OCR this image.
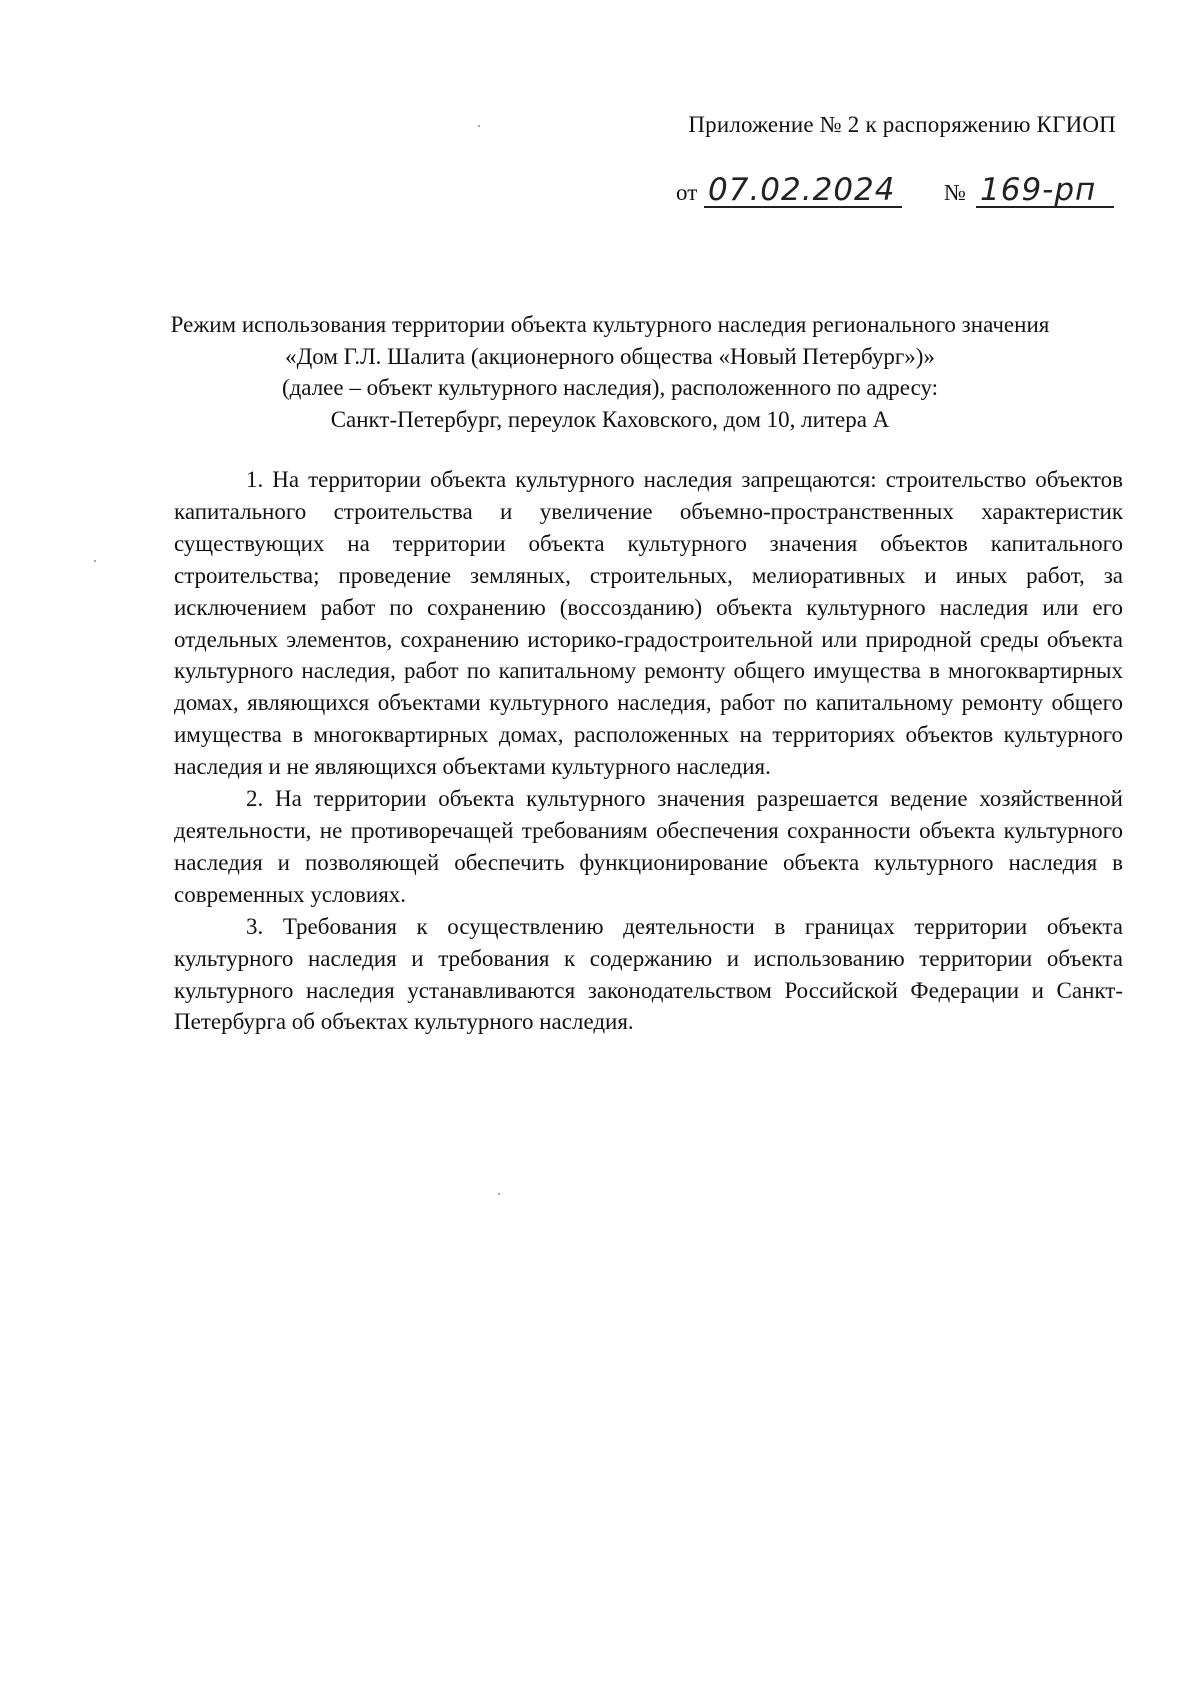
Приложение № 2 к распоряжению КГИОП
от 07.02.2024 № 169-рп
Режим использования территории объекта культурного наследия регионального значения
«Дом Г.Л. Шалита (акционерного общества «Новый Петербург»)»
(далее – объект культурного наследия), расположенного по адресу:
Санкт-Петербург, переулок Каховского, дом 10, литера А

1. На территории объекта культурного наследия запрещаются: строительство объектов капитального строительства и увеличение объемно-пространственных характеристик существующих на территории объекта культурного значения объектов капитального строительства; проведение земляных, строительных, мелиоративных и иных работ, за исключением работ по сохранению (воссозданию) объекта культурного наследия или его отдельных элементов, сохранению историко-градостроительной или природной среды объекта культурного наследия, работ по капитальному ремонту общего имущества в многоквартирных домах, являющихся объектами культурного наследия, работ по капитальному ремонту общего имущества в многоквартирных домах, расположенных на территориях объектов культурного наследия и не являющихся объектами культурного наследия.

2. На территории объекта культурного значения разрешается ведение хозяйственной деятельности, не противоречащей требованиям обеспечения сохранности объекта культурного наследия и позволяющей обеспечить функционирование объекта культурного наследия в современных условиях.

3. Требования к осуществлению деятельности в границах территории объекта культурного наследия и требования к содержанию и использованию территории объекта культурного наследия устанавливаются законодательством Российской Федерации и Санкт-Петербурга об объектах культурного наследия.
